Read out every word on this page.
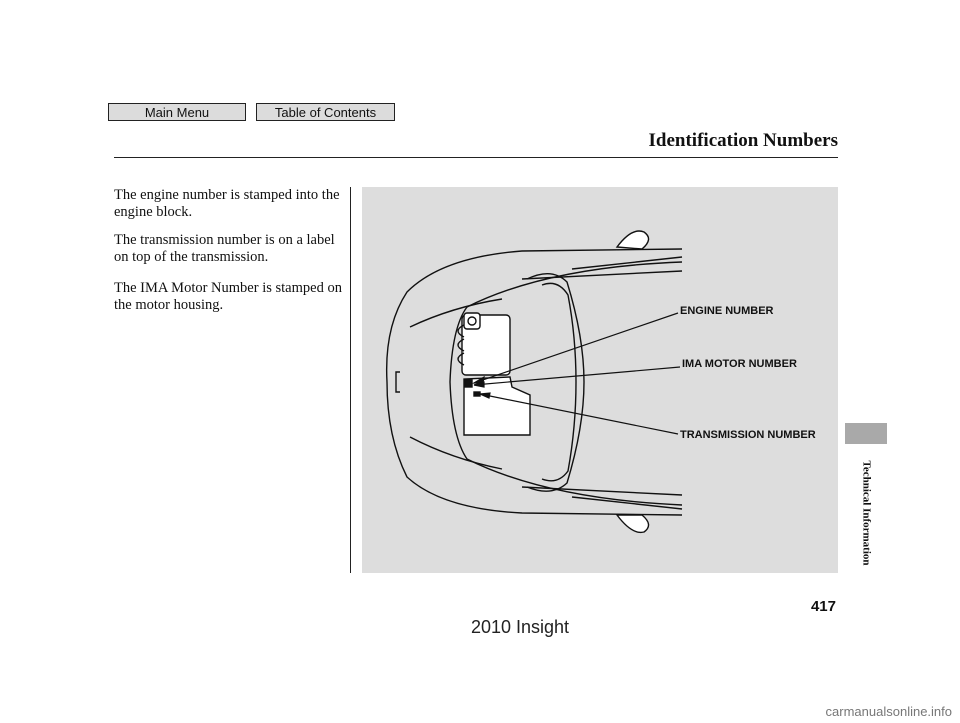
Main Menu	Table of Contents
Identification Numbers
The engine number is stamped into the engine block.
The transmission number is on a label on top of the transmission.
The IMA Motor Number is stamped on the motor housing.	ENGINE NUMBER
IMA MOTOR NUMBER
TRANSMISSION NUMBER
Technical Information
417
2010 Insight
carmanualsonline.info
